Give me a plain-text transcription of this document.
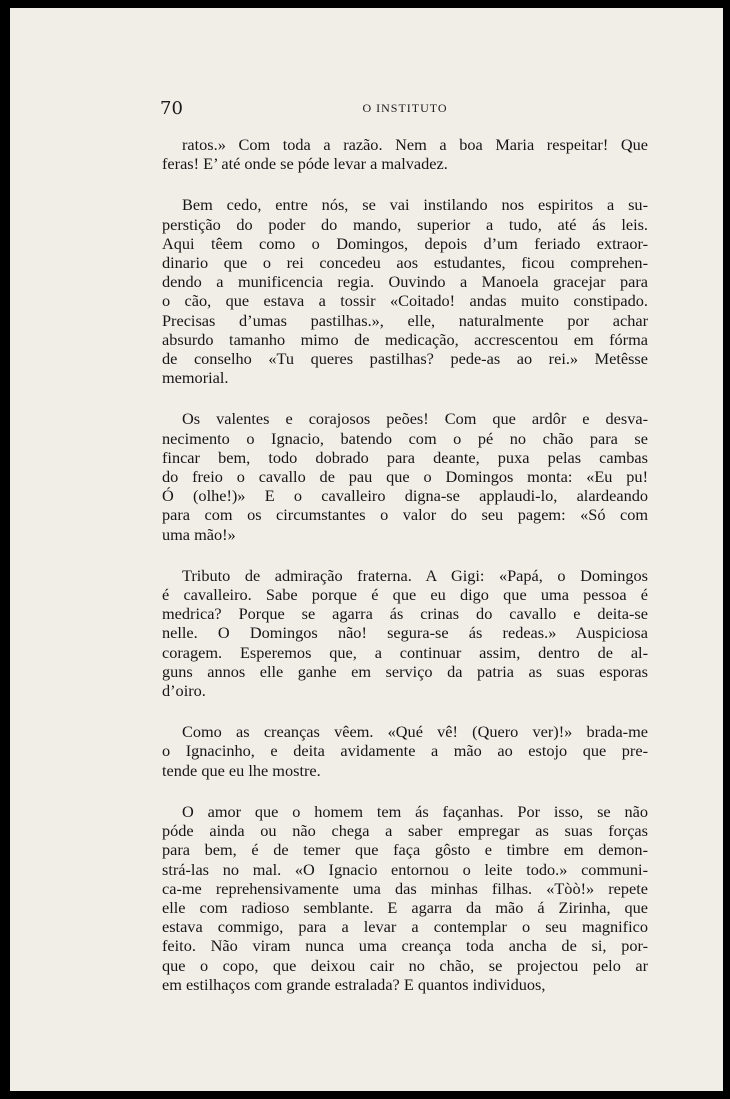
70	O INSTITUTO
ratos.» Com toda a razão. Nem a boa Maria respeitar! Que
feras! E’ até onde se póde levar a malvadez.
Bem cedo, entre nós, se vai instilando nos espiritos a su-
perstição do poder do mando, superior a tudo, até ás leis.
Aqui têem como o Domingos, depois d’um feriado extraor-
dinario que o rei concedeu aos estudantes, ficou comprehen-
dendo a munificencia regia. Ouvindo a Manoela gracejar para
o cão, que estava a tossir «Coitado! andas muito constipado.
Precisas d’umas pastilhas.», elle, naturalmente por achar
absurdo tamanho mimo de medicação, accrescentou em fórma
de conselho «Tu queres pastilhas? pede-as ao rei.» Metêsse
memorial.
Os valentes e corajosos peões! Com que ardôr e desva-
necimento o Ignacio, batendo com o pé no chão para se
fincar bem, todo dobrado para deante, puxa pelas cambas
do freio o cavallo de pau que o Domingos monta: «Eu pu!
Ó (olhe!)» E o cavalleiro digna-se applaudi-lo, alardeando
para com os circumstantes o valor do seu pagem: «Só com
uma mão!»
Tributo de admiração fraterna. A Gigi: «Papá, o Domingos
é cavalleiro. Sabe porque é que eu digo que uma pessoa é
medrica? Porque se agarra ás crinas do cavallo e deita-se
nelle. O Domingos não! segura-se ás redeas.» Auspiciosa
coragem. Esperemos que, a continuar assim, dentro de al-
guns annos elle ganhe em serviço da patria as suas esporas
d’oiro.
Como as creanças vêem. «Qué vê! (Quero ver)!» brada-me
o Ignacinho, e deita avidamente a mão ao estojo que pre-
tende que eu lhe mostre.
O amor que o homem tem ás façanhas. Por isso, se não
póde ainda ou não chega a saber empregar as suas forças
para bem, é de temer que faça gôsto e timbre em demon-
strá-las no mal. «O Ignacio entornou o leite todo.» communi-
ca-me reprehensivamente uma das minhas filhas. «Tòò!» repete
elle com radioso semblante. E agarra da mão á Zirinha, que
estava commigo, para a levar a contemplar o seu magnifico
feito. Não viram nunca uma creança toda ancha de si, por-
que o copo, que deixou cair no chão, se projectou pelo ar
em estilhaços com grande estralada? E quantos individuos,
